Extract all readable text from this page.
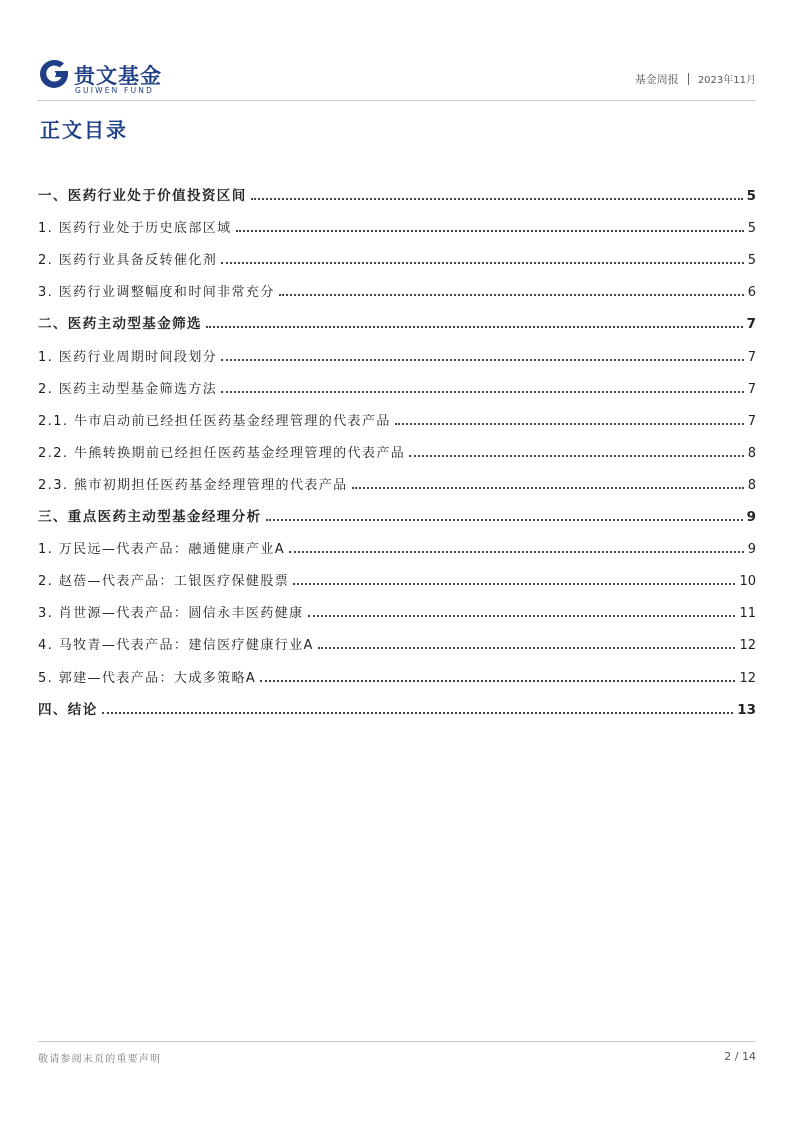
贵文基金
GUIWEN FUND
基金周报 2023年11月
正文目录
一、医药行业处于价值投资区间	5
1. 医药行业处于历史底部区域	5
2. 医药行业具备反转催化剂	5
3. 医药行业调整幅度和时间非常充分	6
二、医药主动型基金筛选	7
1. 医药行业周期时间段划分	7
2. 医药主动型基金筛选方法	7
2.1. 牛市启动前已经担任医药基金经理管理的代表产品	7
2.2. 牛熊转换期前已经担任医药基金经理管理的代表产品	8
2.3. 熊市初期担任医药基金经理管理的代表产品	8
三、重点医药主动型基金经理分析	9
1. 万民远—代表产品：融通健康产业A	9
2. 赵蓓—代表产品：工银医疗保健股票	10
3. 肖世源—代表产品：圆信永丰医药健康	11
4. 马牧青—代表产品：建信医疗健康行业A	12
5. 郭建—代表产品：大成多策略A	12
四、结论	13
敬请参阅末页的重要声明	2 / 14
